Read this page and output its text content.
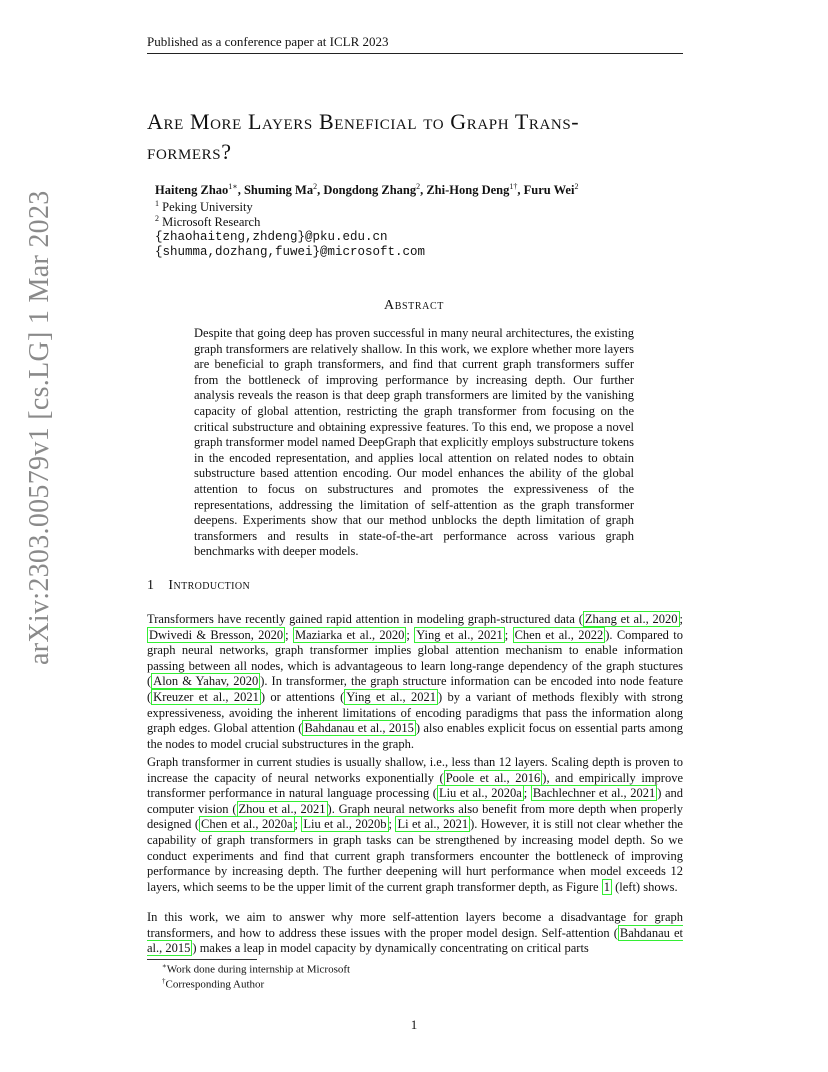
Published as a conference paper at ICLR 2023
Are More Layers Beneficial to Graph Trans-
formers?
Haiteng Zhao$^{1∗}$, Shuming Ma$^2$, Dongdong Zhang$^2$, Zhi-Hong Deng$^{1\dagger}$, Furu Wei$^2$
$^1$ Peking University
$^2$ Microsoft Research
{zhaohaiteng,zhdeng}@pku.edu.cn
{shumma,dozhang,fuwei}@microsoft.com
arXiv:2303.00579v1 [cs.LG] 1 Mar 2023	Abstract
Despite that going deep has proven successful in many neural architectures, the existing graph transformers are relatively shallow. In this work, we explore whether more layers are beneficial to graph transformers, and find that current graph transformers suffer from the bottleneck of improving performance by increasing depth. Our further analysis reveals the reason is that deep graph transformers are limited by the vanishing capacity of global attention, restricting the graph transformer from focusing on the critical substructure and obtaining expressive features. To this end, we propose a novel graph transformer model named DeepGraph that explicitly employs substructure tokens in the encoded representation, and applies local attention on related nodes to obtain substructure based attention encoding. Our model enhances the ability of the global attention to focus on substructures and promotes the expressiveness of the representations, addressing the limitation of self-attention as the graph transformer deepens. Experiments show that our method unblocks the depth limitation of graph transformers and results in state-of-the-art performance across various graph benchmarks with deeper models.
1 Introduction
Transformers have recently gained rapid attention in modeling graph-structured data ( Zhang et al., 2020 ; Dwivedi & Bresson, 2020 ; Maziarka et al., 2020 ; Ying et al., 2021 ; Chen et al., 2022 ). Compared to graph neural networks, graph transformer implies global attention mechanism to enable information passing between all nodes, which is advantageous to learn long-range dependency of the graph stuctures ( Alon & Yahav, 2020 ). In transformer, the graph structure information can be encoded into node feature ( Kreuzer et al., 2021 ) or attentions ( Ying et al., 2021 ) by a variant of methods flexibly with strong expressiveness, avoiding the inherent limitations of encoding paradigms that pass the information along graph edges. Global attention ( Bahdanau et al., 2015 ) also enables explicit focus on essential parts among the nodes to model crucial substructures in the graph.
Graph transformer in current studies is usually shallow, i.e., less than 12 layers. Scaling depth is proven to increase the capacity of neural networks exponentially ( Poole et al., 2016 ), and empirically improve transformer performance in natural language processing ( Liu et al., 2020a ; Bachlechner et al., 2021 ) and computer vision ( Zhou et al., 2021 ). Graph neural networks also benefit from more depth when properly designed ( Chen et al., 2020a ; Liu et al., 2020b ; Li et al., 2021 ). However, it is still not clear whether the capability of graph transformers in graph tasks can be strengthened by increasing model depth. So we conduct experiments and find that current graph transformers encounter the bottleneck of improving performance by increasing depth. The further deepening will hurt performance when model exceeds 12 layers, which seems to be the upper limit of the current graph transformer depth, as Figure 1 (left) shows.
In this work, we aim to answer why more self-attention layers become a disadvantage for graph transformers, and how to address these issues with the proper model design. Self-attention ( Bahdanau et al., 2015 ) makes a leap in model capacity by dynamically concentrating on critical parts
∗Work done during internship at Microsoft
†Corresponding Author
1
